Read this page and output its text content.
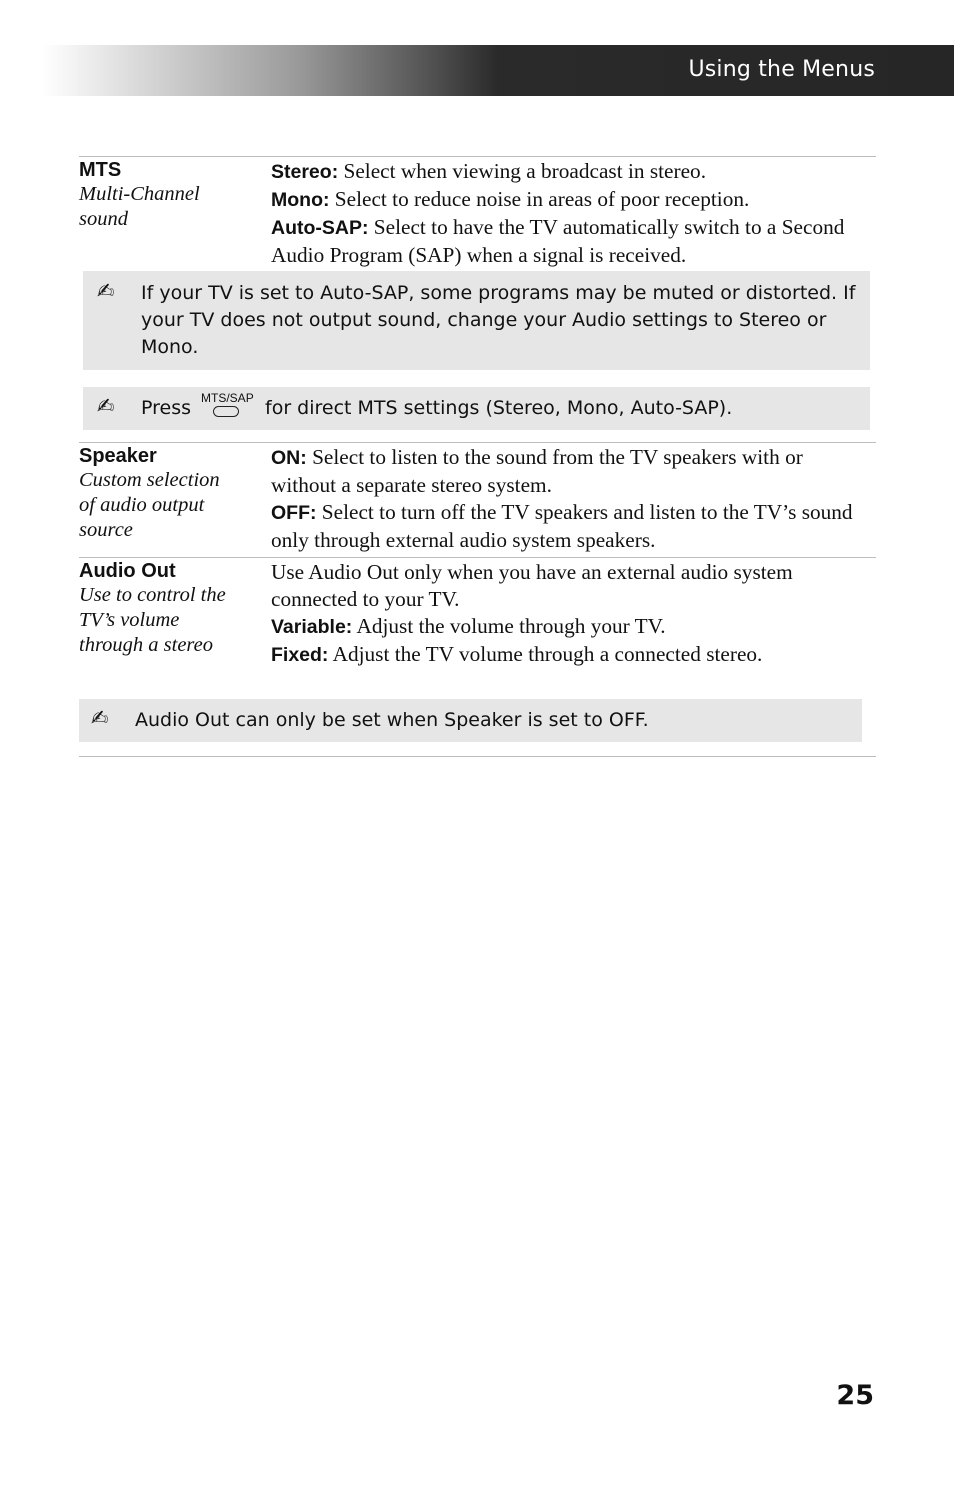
Using the Menus
MTS
Multi-Channel sound
Stereo: Select when viewing a broadcast in stereo.
Mono: Select to reduce noise in areas of poor reception.
Auto-SAP: Select to have the TV automatically switch to a Second Audio Program (SAP) when a signal is received.
✍ If your TV is set to Auto-SAP, some programs may be muted or distorted. If your TV does not output sound, change your Audio settings to Stereo or Mono.
✍ Press MTS/SAP for direct MTS settings (Stereo, Mono, Auto-SAP).
Speaker
Custom selection of audio output source
ON: Select to listen to the sound from the TV speakers with or without a separate stereo system.
OFF: Select to turn off the TV speakers and listen to the TV’s sound only through external audio system speakers.
Audio Out
Use to control the TV’s volume through a stereo
Use Audio Out only when you have an external audio system connected to your TV.
Variable: Adjust the volume through your TV.
Fixed: Adjust the TV volume through a connected stereo.
✍ Audio Out can only be set when Speaker is set to OFF.
25
